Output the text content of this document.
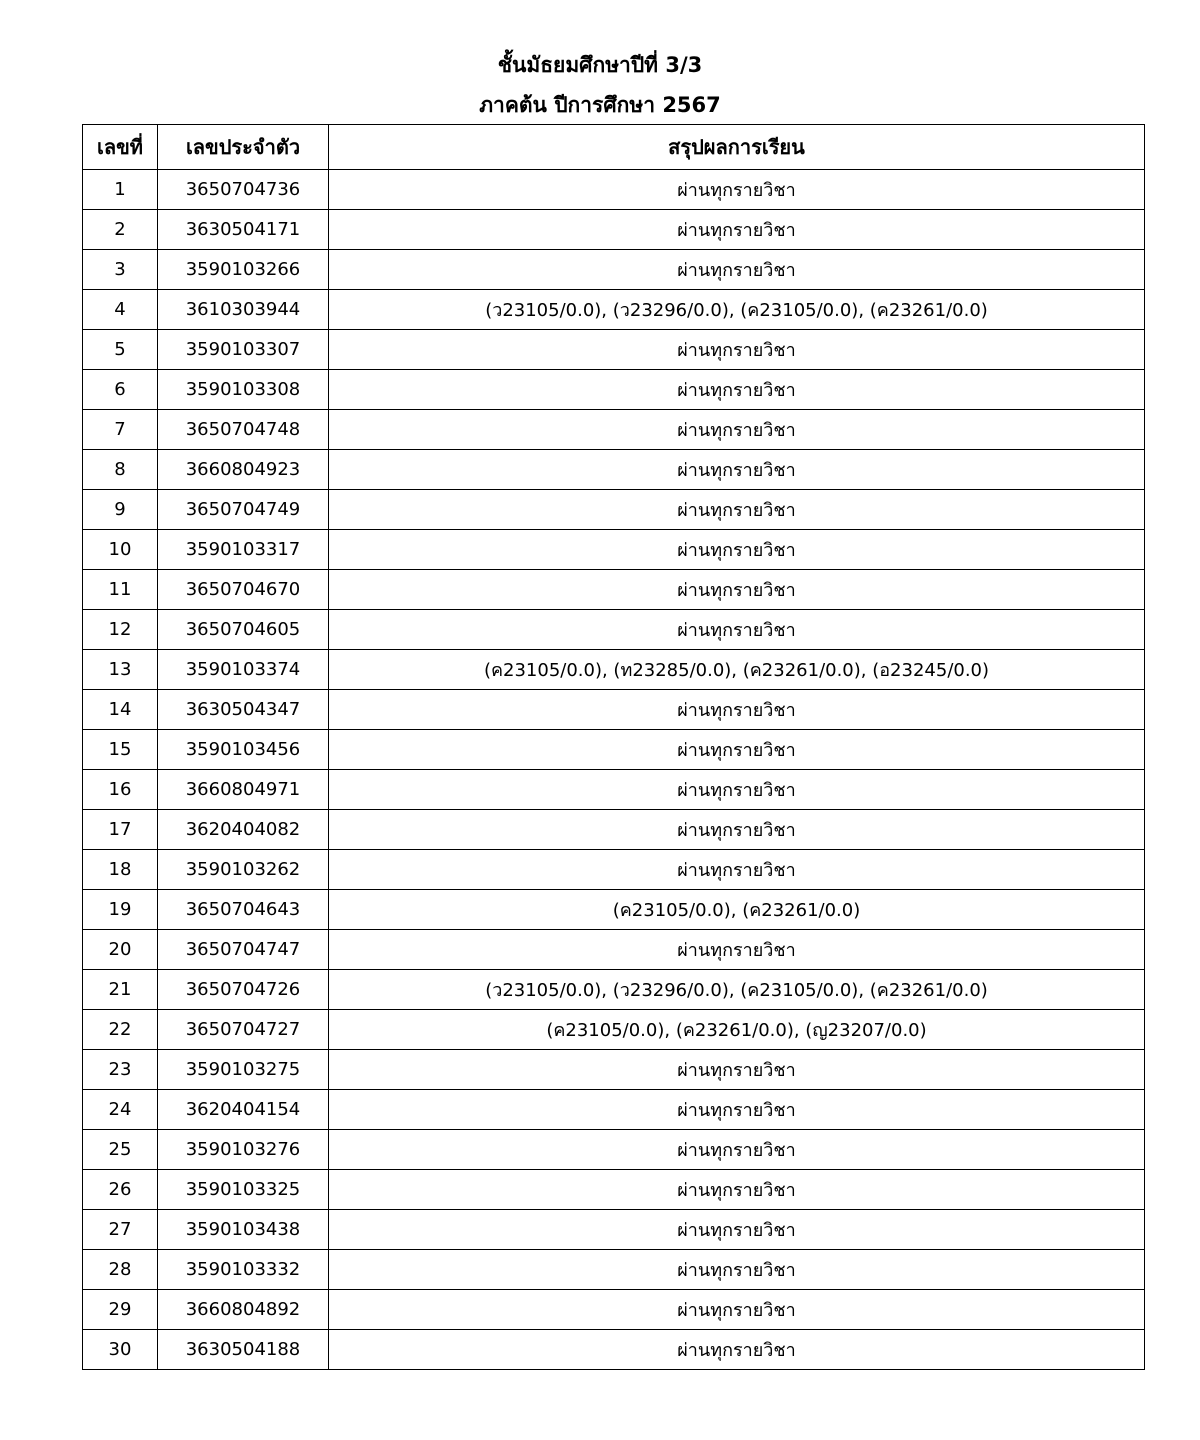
ชั้นมัธยมศึกษาปีที่ 3/3
ภาคต้น ปีการศึกษา 2567
เลขที่	เลขประจำตัว	สรุปผลการเรียน
1	3650704736	ผ่านทุกรายวิชา
2	3630504171	ผ่านทุกรายวิชา
3	3590103266	ผ่านทุกรายวิชา
4	3610303944	(ว23105/0.0), (ว23296/0.0), (ค23105/0.0), (ค23261/0.0)
5	3590103307	ผ่านทุกรายวิชา
6	3590103308	ผ่านทุกรายวิชา
7	3650704748	ผ่านทุกรายวิชา
8	3660804923	ผ่านทุกรายวิชา
9	3650704749	ผ่านทุกรายวิชา
10	3590103317	ผ่านทุกรายวิชา
11	3650704670	ผ่านทุกรายวิชา
12	3650704605	ผ่านทุกรายวิชา
13	3590103374	(ค23105/0.0), (ท23285/0.0), (ค23261/0.0), (อ23245/0.0)
14	3630504347	ผ่านทุกรายวิชา
15	3590103456	ผ่านทุกรายวิชา
16	3660804971	ผ่านทุกรายวิชา
17	3620404082	ผ่านทุกรายวิชา
18	3590103262	ผ่านทุกรายวิชา
19	3650704643	(ค23105/0.0), (ค23261/0.0)
20	3650704747	ผ่านทุกรายวิชา
21	3650704726	(ว23105/0.0), (ว23296/0.0), (ค23105/0.0), (ค23261/0.0)
22	3650704727	(ค23105/0.0), (ค23261/0.0), (ญ23207/0.0)
23	3590103275	ผ่านทุกรายวิชา
24	3620404154	ผ่านทุกรายวิชา
25	3590103276	ผ่านทุกรายวิชา
26	3590103325	ผ่านทุกรายวิชา
27	3590103438	ผ่านทุกรายวิชา
28	3590103332	ผ่านทุกรายวิชา
29	3660804892	ผ่านทุกรายวิชา
30	3630504188	ผ่านทุกรายวิชา
